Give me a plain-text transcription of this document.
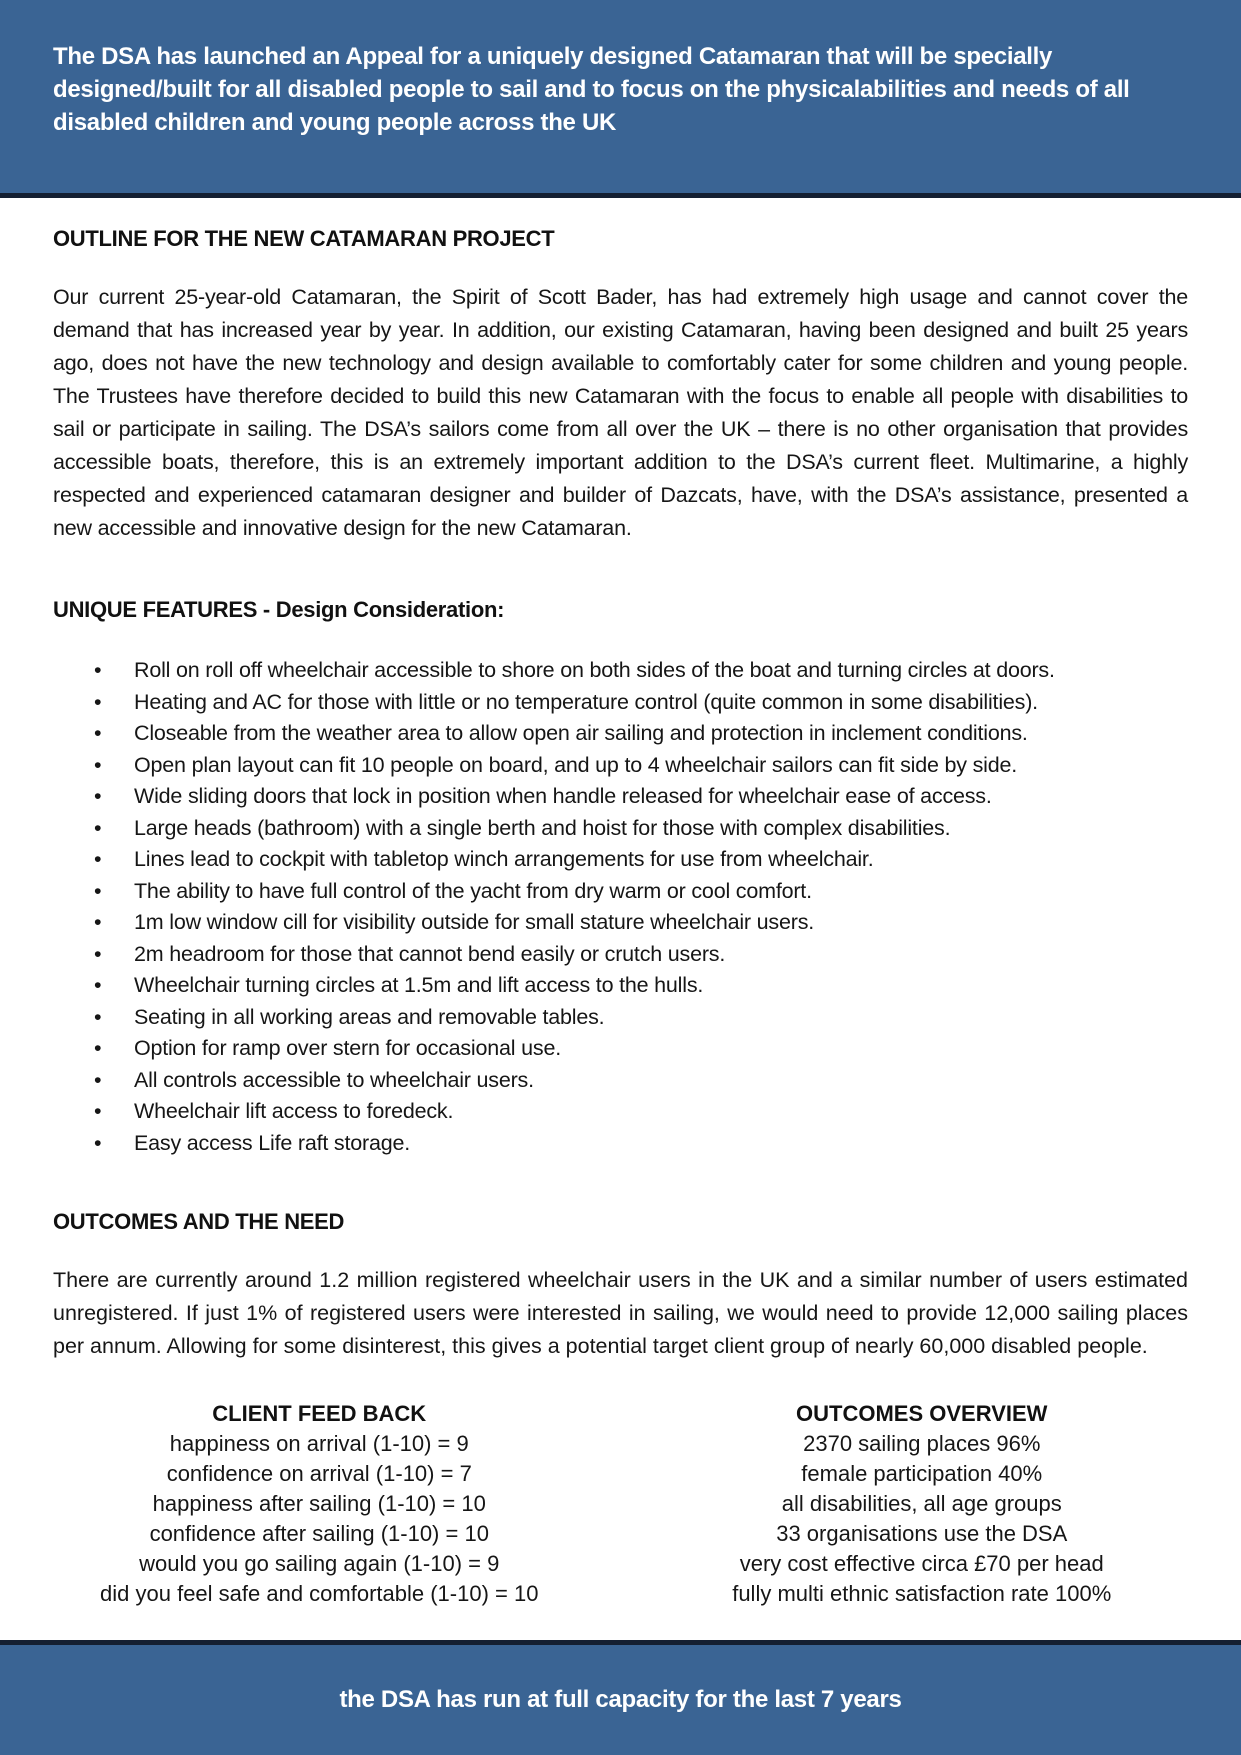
The DSA has launched an Appeal for a uniquely designed Catamaran that will be specially designed/built for all disabled people to sail and to focus on the physicalabilities and needs of all disabled children and young people across the UK
OUTLINE FOR THE NEW CATAMARAN PROJECT

Our current 25-year-old Catamaran, the Spirit of Scott Bader, has had extremely high usage and cannot cover the demand that has increased year by year. In addition, our existing Catamaran, having been designed and built 25 years ago, does not have the new technology and design available to comfortably cater for some children and young people. The Trustees have therefore decided to build this new Catamaran with the focus to enable all people with disabilities to sail or participate in sailing. The DSA’s sailors come from all over the UK – there is no other organisation that provides accessible boats, therefore, this is an extremely important addition to the DSA’s current fleet. Multimarine, a highly respected and experienced catamaran designer and builder of Dazcats, have, with the DSA’s assistance, presented a new accessible and innovative design for the new Catamaran.

UNIQUE FEATURES - Design Consideration:
• Roll on roll off wheelchair accessible to shore on both sides of the boat and turning circles at doors.
• Heating and AC for those with little or no temperature control (quite common in some disabilities).
• Closeable from the weather area to allow open air sailing and protection in inclement conditions.
• Open plan layout can fit 10 people on board, and up to 4 wheelchair sailors can fit side by side.
• Wide sliding doors that lock in position when handle released for wheelchair ease of access.
• Large heads (bathroom) with a single berth and hoist for those with complex disabilities.
• Lines lead to cockpit with tabletop winch arrangements for use from wheelchair.
• The ability to have full control of the yacht from dry warm or cool comfort.
• 1m low window cill for visibility outside for small stature wheelchair users.
• 2m headroom for those that cannot bend easily or crutch users.
• Wheelchair turning circles at 1.5m and lift access to the hulls.
• Seating in all working areas and removable tables.
• Option for ramp over stern for occasional use.
• All controls accessible to wheelchair users.
• Wheelchair lift access to foredeck.
• Easy access Life raft storage.
OUTCOMES AND THE NEED

There are currently around 1.2 million registered wheelchair users in the UK and a similar number of users estimated unregistered. If just 1% of registered users were interested in sailing, we would need to provide 12,000 sailing places per annum. Allowing for some disinterest, this gives a potential target client group of nearly 60,000 disabled people.

CLIENT FEED BACK
happiness on arrival (1-10) = 9
confidence on arrival (1-10) = 7
happiness after sailing (1-10) = 10
confidence after sailing (1-10) = 10
would you go sailing again (1-10) = 9
did you feel safe and comfortable (1-10) = 10
OUTCOMES OVERVIEW
2370 sailing places 96%
female participation 40%
all disabilities, all age groups
33 organisations use the DSA
very cost effective circa £70 per head
fully multi ethnic satisfaction rate 100%
the DSA has run at full capacity for the last 7 years
